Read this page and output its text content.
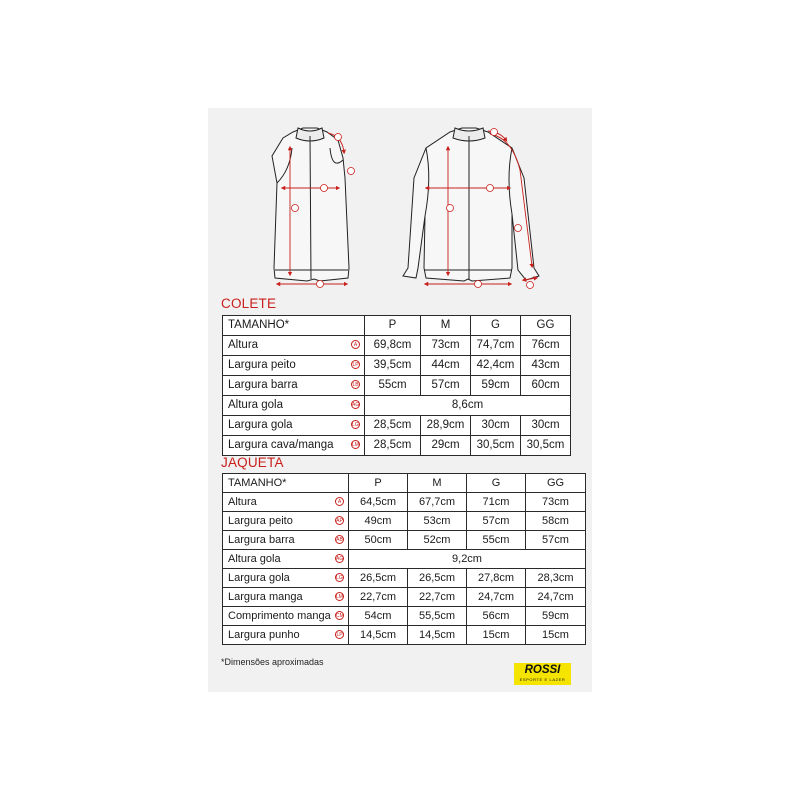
COLETE
TAMANHO*	P	M	G	GG
Altura A	69,8cm	73cm	74,7cm	76cm
Largura peito LP	39,5cm	44cm	42,4cm	43cm
Largura barra LB	55cm	57cm	59cm	60cm
Altura gola AG	8,6cm			
Largura gola LG	28,5cm	28,9cm	30cm	30cm
Largura cava/manga LM	28,5cm	29cm	30,5cm	30,5cm
JAQUETA
TAMANHO*	P	M	G	GG
Altura A	64,5cm	67,7cm	71cm	73cm
Largura peito AP	49cm	53cm	57cm	58cm
Largura barra AB	50cm	52cm	55cm	57cm
Altura gola AG	9,2cm			
Largura gola LG	26,5cm	26,5cm	27,8cm	28,3cm
Largura manga LM	22,7cm	22,7cm	24,7cm	24,7cm
Comprimento manga CM	54cm	55,5cm	56cm	59cm
Largura punho LP	14,5cm	14,5cm	15cm	15cm
*Dimensões aproximadas
ROSSI
ESPORTE E LAZER
